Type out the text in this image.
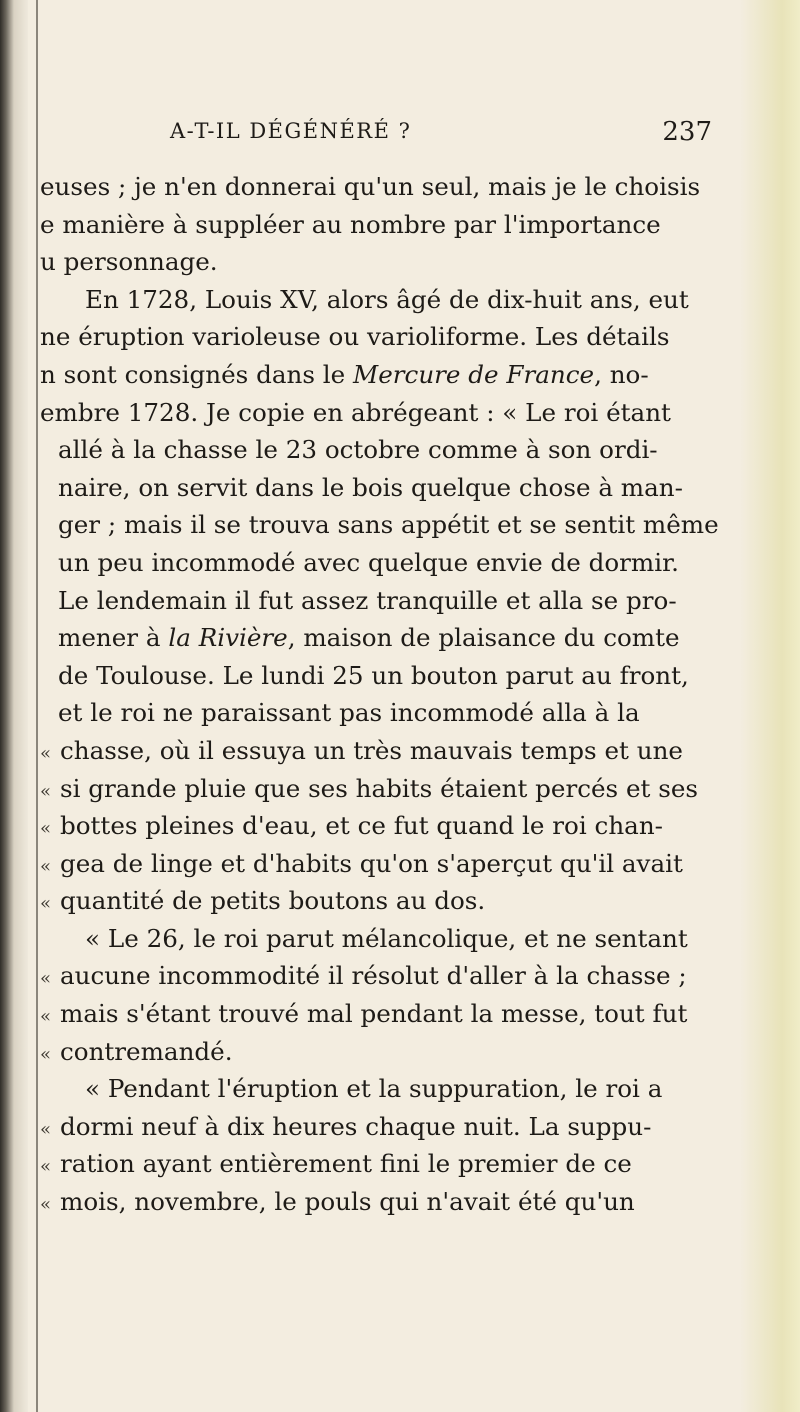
A-T-IL DÉGÉNÉRÉ ?	237
euses ; je n'en donnerai qu'un seul, mais je le choisis
e manière à suppléer au nombre par l'importance
u personnage.
En 1728, Louis XV, alors âgé de dix-huit ans, eut
ne éruption varioleuse ou varioliforme. Les détails
n sont consignés dans le Mercure de France, no-
embre 1728. Je copie en abrégeant : « Le roi étant
allé à la chasse le 23 octobre comme à son ordi-
naire, on servit dans le bois quelque chose à man-
ger ; mais il se trouva sans appétit et se sentit même
un peu incommodé avec quelque envie de dormir.
Le lendemain il fut assez tranquille et alla se pro-
mener à la Rivière, maison de plaisance du comte
de Toulouse. Le lundi 25 un bouton parut au front,
et le roi ne paraissant pas incommodé alla à la
« chasse, où il essuya un très mauvais temps et une
« si grande pluie que ses habits étaient percés et ses
« bottes pleines d'eau, et ce fut quand le roi chan-
« gea de linge et d'habits qu'on s'aperçut qu'il avait
« quantité de petits boutons au dos.
« Le 26, le roi parut mélancolique, et ne sentant
« aucune incommodité il résolut d'aller à la chasse ;
« mais s'étant trouvé mal pendant la messe, tout fut
« contremandé.
« Pendant l'éruption et la suppuration, le roi a
« dormi neuf à dix heures chaque nuit. La suppu-
« ration ayant entièrement fini le premier de ce
« mois, novembre, le pouls qui n'avait été qu'un
